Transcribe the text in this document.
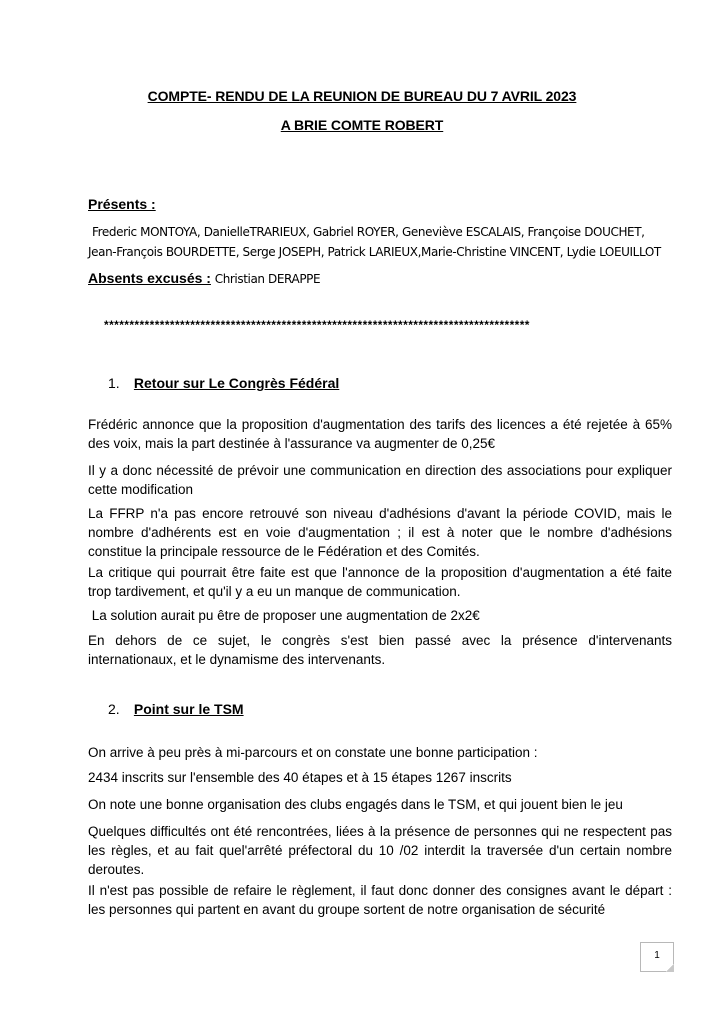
COMPTE- RENDU DE LA REUNION DE BUREAU DU 7 AVRIL 2023
A BRIE COMTE ROBERT
Présents :
Frederic MONTOYA, DanielleTRARIEUX, Gabriel ROYER, Geneviève ESCALAIS, Françoise DOUCHET,
Jean-François BOURDETTE, Serge JOSEPH, Patrick LARIEUX,Marie-Christine VINCENT, Lydie LOEUILLOT
Absents excusés : Christian DERAPPE
************************************************************************************
1. Retour sur Le Congrès Fédéral

Frédéric annonce que la proposition d'augmentation des tarifs des licences a été rejetée à 65% des voix, mais la part destinée à l'assurance va augmenter de 0,25€

Il y a donc nécessité de prévoir une communication en direction des associations pour expliquer cette modification

La FFRP n'a pas encore retrouvé son niveau d'adhésions d'avant la période COVID, mais le nombre d'adhérents est en voie d'augmentation ; il est à noter que le nombre d'adhésions constitue la principale ressource de le Fédération et des Comités.

La critique qui pourrait être faite est que l'annonce de la proposition d'augmentation a été faite trop tardivement, et qu'il y a eu un manque de communication.

La solution aurait pu être de proposer une augmentation de 2x2€

En dehors de ce sujet, le congrès s'est bien passé avec la présence d'intervenants internationaux, et le dynamisme des intervenants.

2. Point sur le TSM

On arrive à peu près à mi-parcours et on constate une bonne participation :

2434 inscrits sur l'ensemble des 40 étapes et à 15 étapes 1267 inscrits

On note une bonne organisation des clubs engagés dans le TSM, et qui jouent bien le jeu

Quelques difficultés ont été rencontrées, liées à la présence de personnes qui ne respectent pas les règles, et au fait quel'arrêté préfectoral du 10 /02 interdit la traversée d'un certain nombre deroutes.

Il n'est pas possible de refaire le règlement, il faut donc donner des consignes avant le départ : les personnes qui partent en avant du groupe sortent de notre organisation de sécurité

1
